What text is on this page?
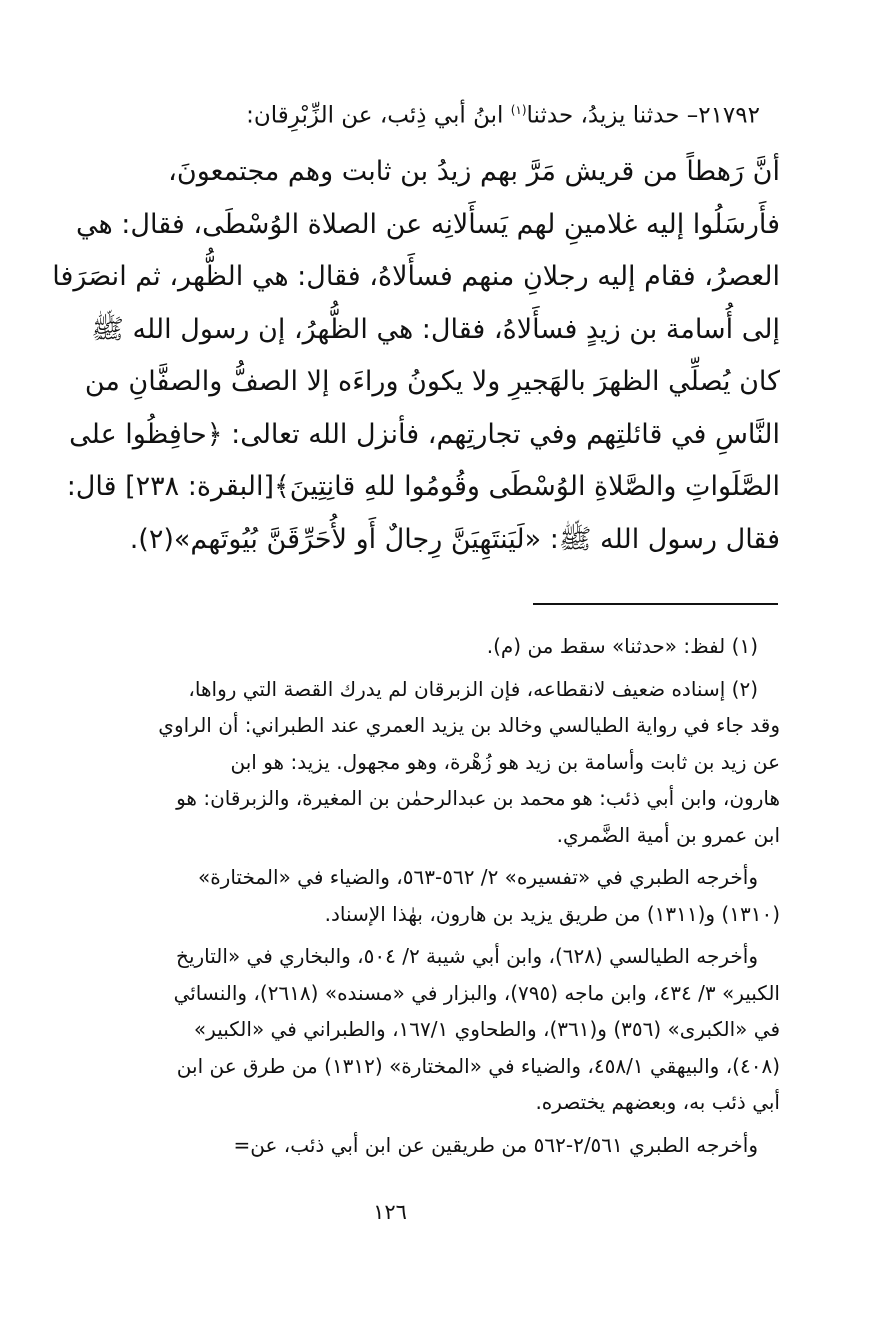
٢١٧٩٢– حدثنا يزيدُ، حدثنا$^{(١)}$ ابنُ أبي ذِئب، عن الزِّبْرِقان:
أنَّ رَهطاً من قريش مَرَّ بهم زيدُ بن ثابت وهم مجتمعونَ،
فأَرسَلُوا إليه غلامينِ لهم يَسأَلانِه عن الصلاة الوُسْطَى، فقال: هي
العصرُ، فقام إليه رجلانِ منهم فسأَلاهُ، فقال: هي الظُّهر، ثم انصَرَفا
إلى أُسامة بن زيدٍ فسأَلاهُ، فقال: هي الظُّهرُ، إن رسول الله ﷺ
كان يُصلِّي الظهرَ بالهَجيرِ ولا يكونُ وراءَه إلا الصفُّ والصفَّانِ من
النَّاسِ في قائلتِهم وفي تجارتِهم، فأنزل الله تعالى: ﴿حافِظُوا على
الصَّلَواتِ والصَّلاةِ الوُسْطَى وقُومُوا للهِ قانِتِينَ﴾[البقرة: ٢٣٨] قال:
فقال رسول الله ﷺ: «لَيَنتَهِيَنَّ رِجالٌ أَو لأُحَرِّقَنَّ بُيُوتَهم»(٢).
(١) لفظ: «حدثنا» سقط من (م).
(٢) إسناده ضعيف لانقطاعه، فإن الزبرقان لم يدرك القصة التي رواها،
وقد جاء في رواية الطيالسي وخالد بن يزيد العمري عند الطبراني: أن الراوي
عن زيد بن ثابت وأسامة بن زيد هو زُهْرة، وهو مجهول. يزيد: هو ابن
هارون، وابن أبي ذئب: هو محمد بن عبدالرحمٰن بن المغيرة، والزبرقان: هو
ابن عمرو بن أمية الضَّمري.
وأخرجه الطبري في «تفسيره» ٢/ ٥٦٢-٥٦٣، والضياء في «المختارة»
(١٣١٠) و(١٣١١) من طريق يزيد بن هارون، بهٰذا الإسناد.
وأخرجه الطيالسي (٦٢٨)، وابن أبي شيبة ٢/ ٥٠٤، والبخاري في «التاريخ
الكبير» ٣/ ٤٣٤، وابن ماجه (٧٩٥)، والبزار في «مسنده» (٢٦١٨)، والنسائي
في «الكبرى» (٣٥٦) و(٣٦١)، والطحاوي ١٦٧/١، والطبراني في «الكبير»
(٤٠٨)، والبيهقي ٤٥٨/١، والضياء في «المختارة» (١٣١٢) من طرق عن ابن
أبي ذئب به، وبعضهم يختصره.
وأخرجه الطبري ٢/٥٦١-٥٦٢ من طريقين عن ابن أبي ذئب، عن=
١٢٦
